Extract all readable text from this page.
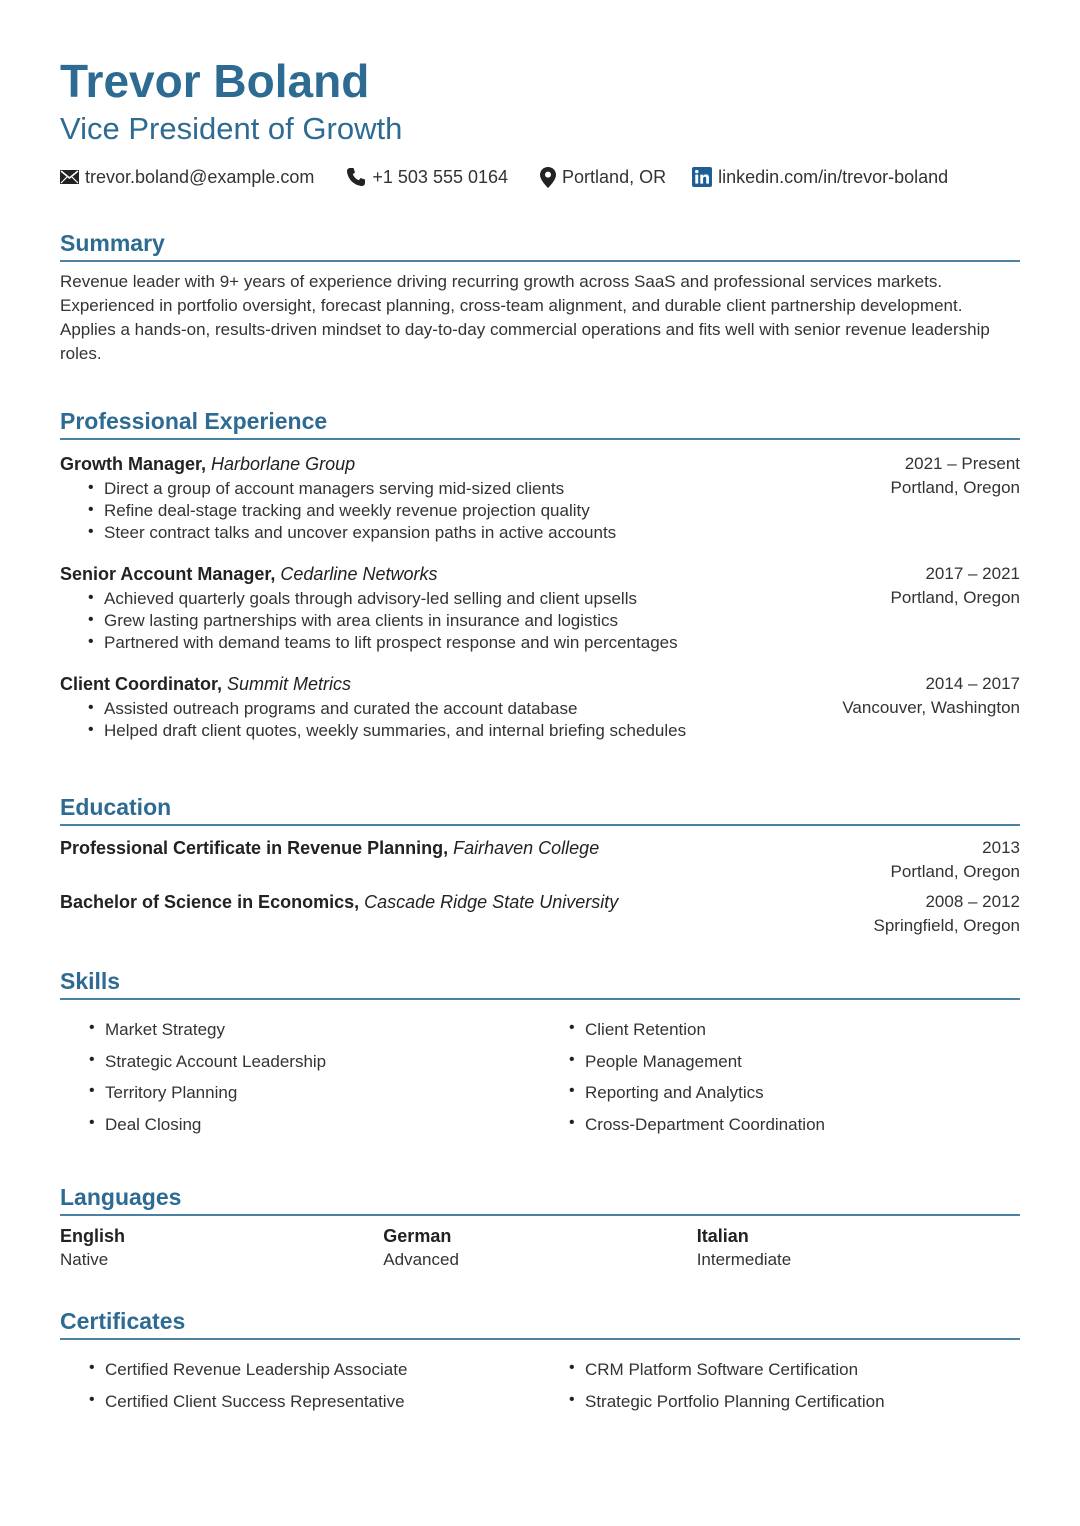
Trevor Boland
Vice President of Growth
trevor.boland@example.com	+1 503 555 0164	Portland, OR	linkedin.com/in/trevor-boland
Summary
Revenue leader with 9+ years of experience driving recurring growth across SaaS and professional services markets. Experienced in portfolio oversight, forecast planning, cross-team alignment, and durable client partnership development. Applies a hands-on, results-driven mindset to day-to-day commercial operations and fits well with senior revenue leadership roles.
Professional Experience
Growth Manager, Harborlane Group
• Direct a group of account managers serving mid-sized clients
• Refine deal-stage tracking and weekly revenue projection quality
• Steer contract talks and uncover expansion paths in active accounts
2021 – Present
Portland, Oregon
Senior Account Manager, Cedarline Networks
• Achieved quarterly goals through advisory-led selling and client upsells
• Grew lasting partnerships with area clients in insurance and logistics
• Partnered with demand teams to lift prospect response and win percentages
2017 – 2021
Portland, Oregon
Client Coordinator, Summit Metrics
• Assisted outreach programs and curated the account database
• Helped draft client quotes, weekly summaries, and internal briefing schedules
2014 – 2017
Vancouver, Washington
Education
Professional Certificate in Revenue Planning, Fairhaven College	2013
Portland, Oregon
Bachelor of Science in Economics, Cascade Ridge State University	2008 – 2012
Springfield, Oregon
Skills
• Market Strategy
• Strategic Account Leadership
• Territory Planning
• Deal Closing
• Client Retention
• People Management
• Reporting and Analytics
• Cross-Department Coordination
Languages
English
Native
German
Advanced
Italian
Intermediate
Certificates
• Certified Revenue Leadership Associate
• Certified Client Success Representative
• CRM Platform Software Certification
• Strategic Portfolio Planning Certification
